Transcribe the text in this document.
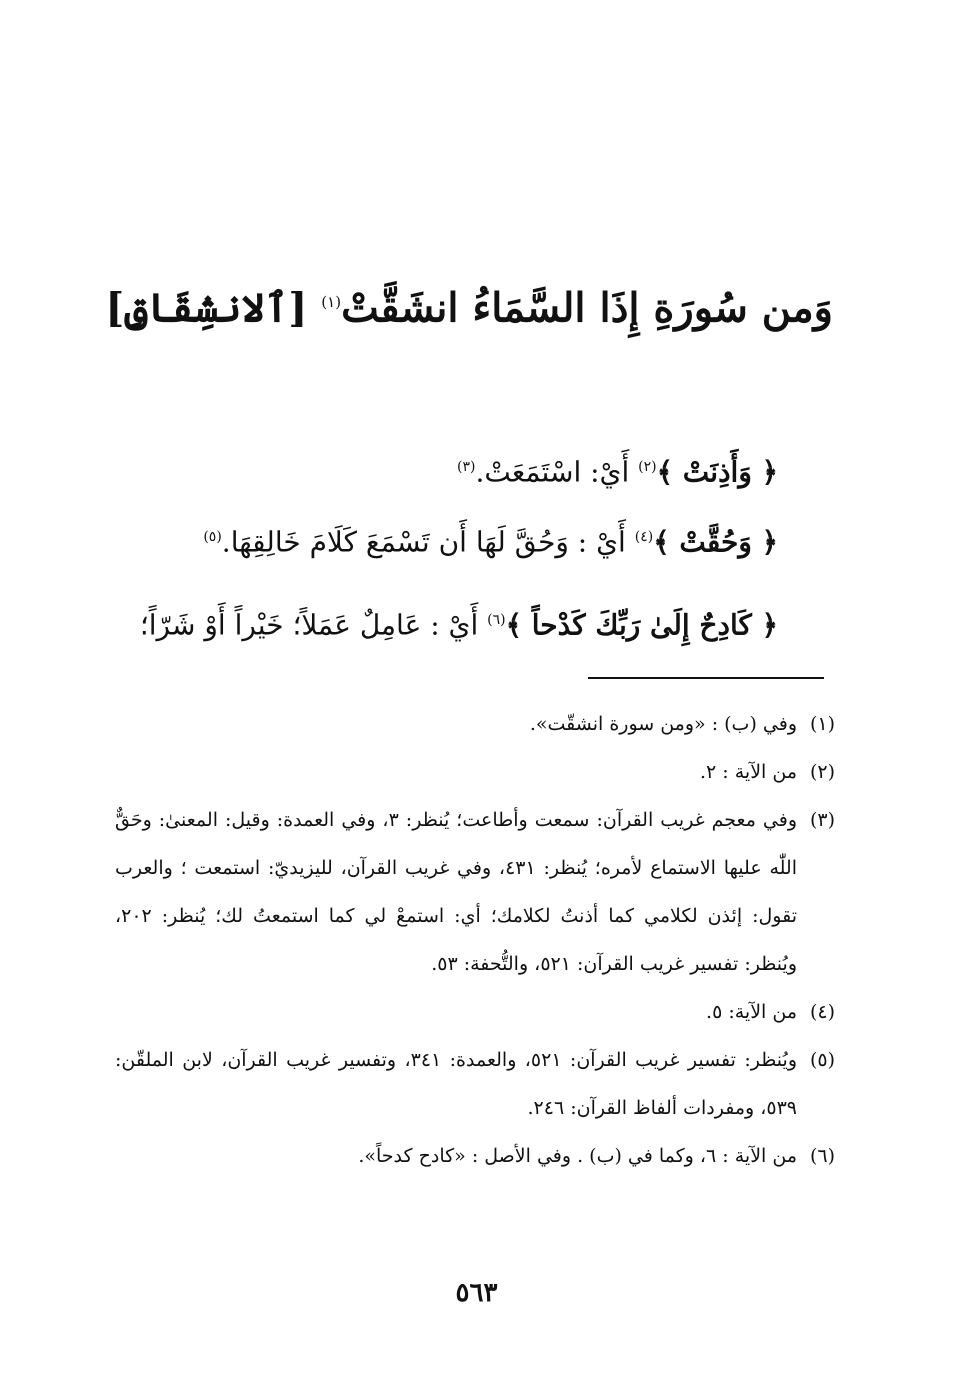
وَمن سُورَةِ إِذَا السَّمَاءُ انشَقَّتْ$^{(١)}$ [ٱلانشِقَاقِ]
﴿ وَأَذِنَتْ ﴾$^{(٢)}$ أَيْ: اسْتَمَعَتْ.$^{(٣)}$
﴿ وَحُقَّتْ ﴾$^{(٤)}$ أَيْ : وَحُقَّ لَهَا أَن تَسْمَعَ كَلَامَ خَالِقِهَا.$^{(٥)}$
﴿ كَادِحٌ إِلَىٰ رَبِّكَ كَدْحاً ﴾$^{(٦)}$ أَيْ : عَامِلٌ عَمَلاً؛ خَيْراً أَوْ شَرّاً؛
(١)
وفي (ب) : «ومن سورة انشقّت».
(٢)
من الآية : ٢.
(٣)
وفي معجم غريب القرآن: سمعت وأطاعت؛ يُنظر: ٣، وفي العمدة: وقيل: المعنىٰ: وحَقٌّ اللّٰه عليها الاستماع لأمره؛ يُنظر: ٤٣١، وفي غريب القرآن، لليزيديّ: استمعت ؛ والعرب تقول: إئذن لكلامي كما أذنتُ لكلامك؛ أي: استمعْ لي كما استمعتُ لك؛ يُنظر: ٢٠٢، ويُنظر: تفسير غريب القرآن: ٥٢١، والتُّحفة: ٥٣.
(٤)
من الآية: ٥.
(٥)
ويُنظر: تفسير غريب القرآن: ٥٢١، والعمدة: ٣٤١، وتفسير غريب القرآن، لابن الملقّن: ٥٣٩، ومفردات ألفاظ القرآن: ٢٤٦.
(٦)
من الآية : ٦، وكما في (ب) . وفي الأصل : «كادح كدحاً».
٥٦٣
